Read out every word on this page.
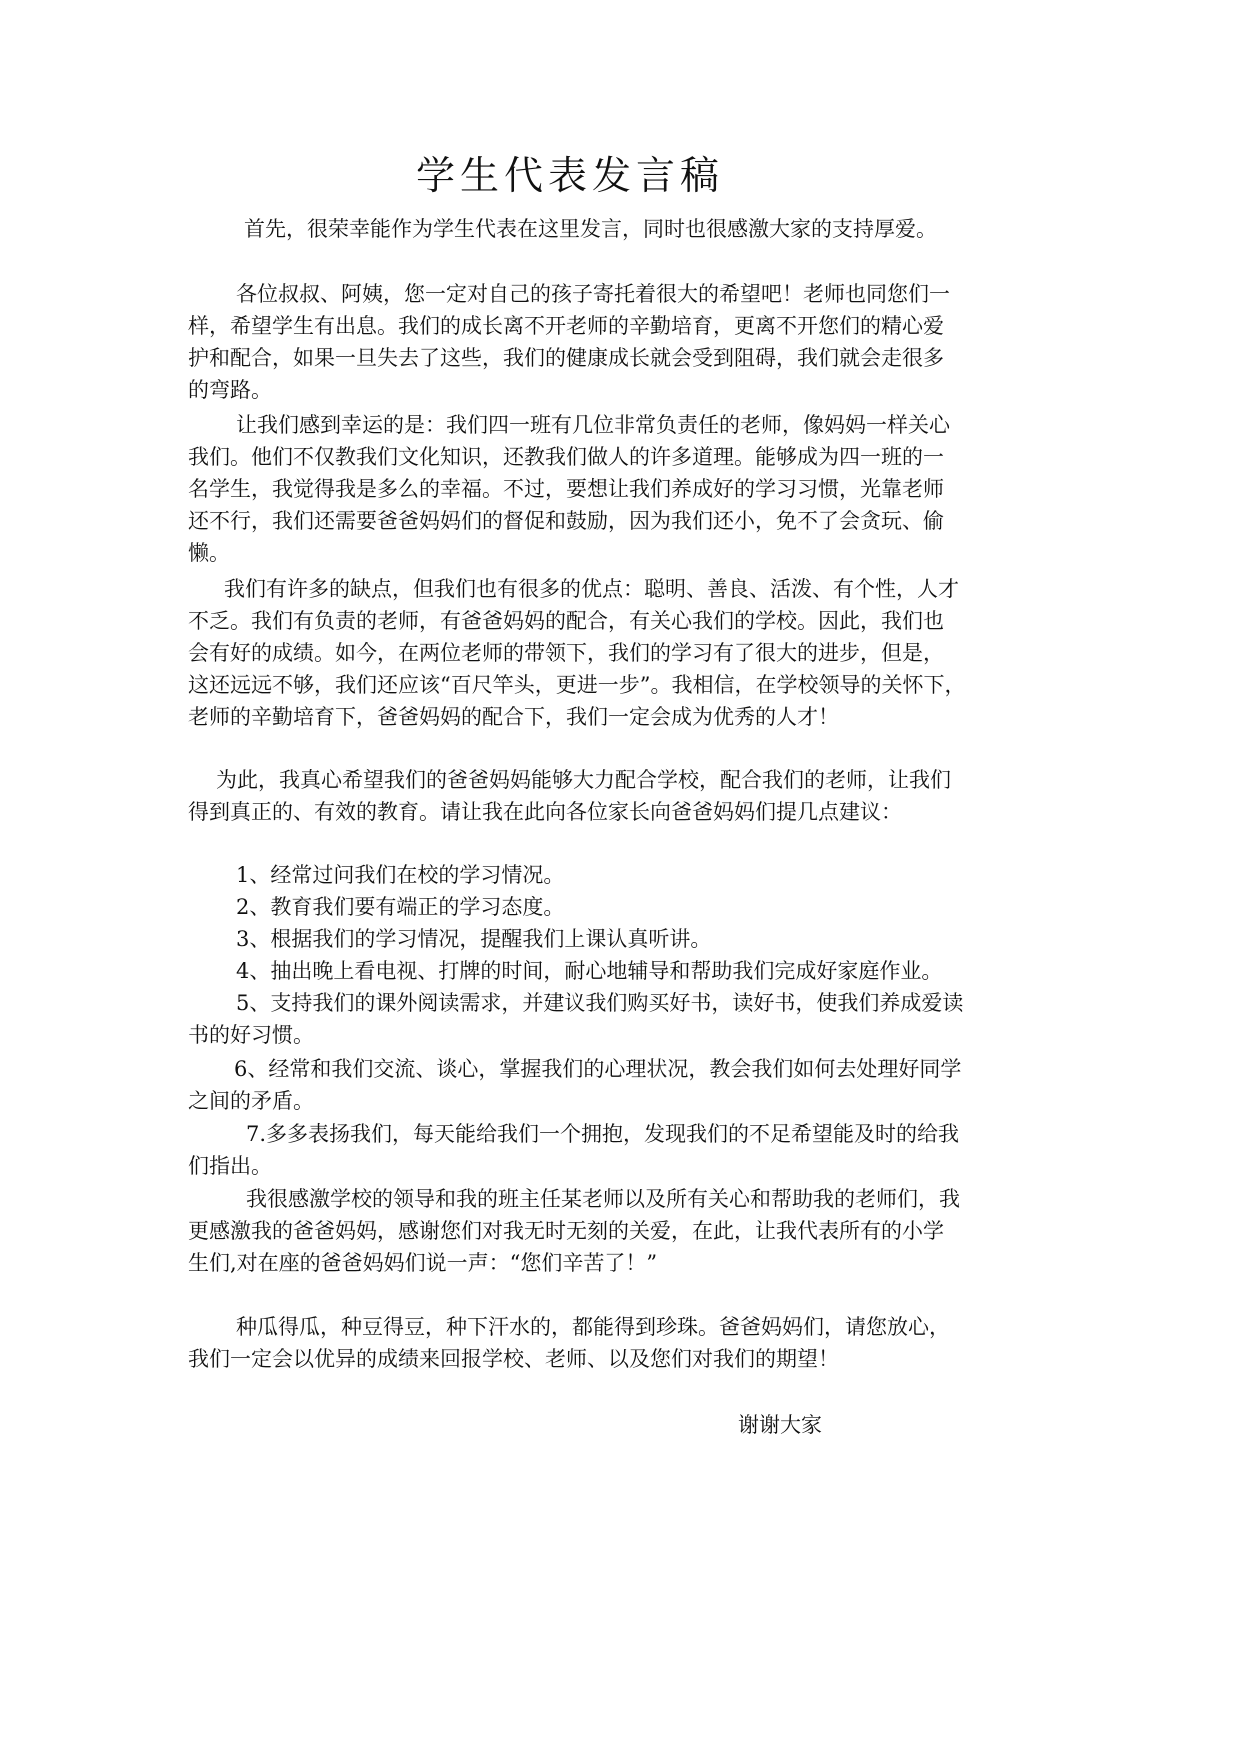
学生代表发言稿
首先，很荣幸能作为学生代表在这里发言，同时也很感激大家的支持厚爱。
各位叔叔、阿姨，您一定对自己的孩子寄托着很大的希望吧！老师也同您们一
样，希望学生有出息。我们的成长离不开老师的辛勤培育，更离不开您们的精心爱
护和配合，如果一旦失去了这些，我们的健康成长就会受到阻碍，我们就会走很多
的弯路。
让我们感到幸运的是：我们四一班有几位非常负责任的老师，像妈妈一样关心
我们。他们不仅教我们文化知识，还教我们做人的许多道理。能够成为四一班的一
名学生，我觉得我是多么的幸福。不过，要想让我们养成好的学习习惯，光靠老师
还不行，我们还需要爸爸妈妈们的督促和鼓励，因为我们还小，免不了会贪玩、偷
懒。
我们有许多的缺点，但我们也有很多的优点：聪明、善良、活泼、有个性，人才
不乏。我们有负责的老师，有爸爸妈妈的配合，有关心我们的学校。因此，我们也
会有好的成绩。如今，在两位老师的带领下，我们的学习有了很大的进步，但是，
这还远远不够，我们还应该“百尺竿头，更进一步”。我相信，在学校领导的关怀下，
老师的辛勤培育下，爸爸妈妈的配合下，我们一定会成为优秀的人才！
为此，我真心希望我们的爸爸妈妈能够大力配合学校，配合我们的老师，让我们
得到真正的、有效的教育。请让我在此向各位家长向爸爸妈妈们提几点建议：
1、经常过问我们在校的学习情况。
2、教育我们要有端正的学习态度。
3、根据我们的学习情况，提醒我们上课认真听讲。
4、抽出晚上看电视、打牌的时间，耐心地辅导和帮助我们完成好家庭作业。
5、支持我们的课外阅读需求，并建议我们购买好书，读好书，使我们养成爱读
书的好习惯。
6、经常和我们交流、谈心，掌握我们的心理状况，教会我们如何去处理好同学
之间的矛盾。
7.多多表扬我们，每天能给我们一个拥抱，发现我们的不足希望能及时的给我
们指出。
我很感激学校的领导和我的班主任某老师以及所有关心和帮助我的老师们，我
更感激我的爸爸妈妈，感谢您们对我无时无刻的关爱，在此，让我代表所有的小学
生们,对在座的爸爸妈妈们说一声：“您们辛苦了！”
种瓜得瓜，种豆得豆，种下汗水的，都能得到珍珠。爸爸妈妈们，请您放心，
我们一定会以优异的成绩来回报学校、老师、以及您们对我们的期望！
谢谢大家
